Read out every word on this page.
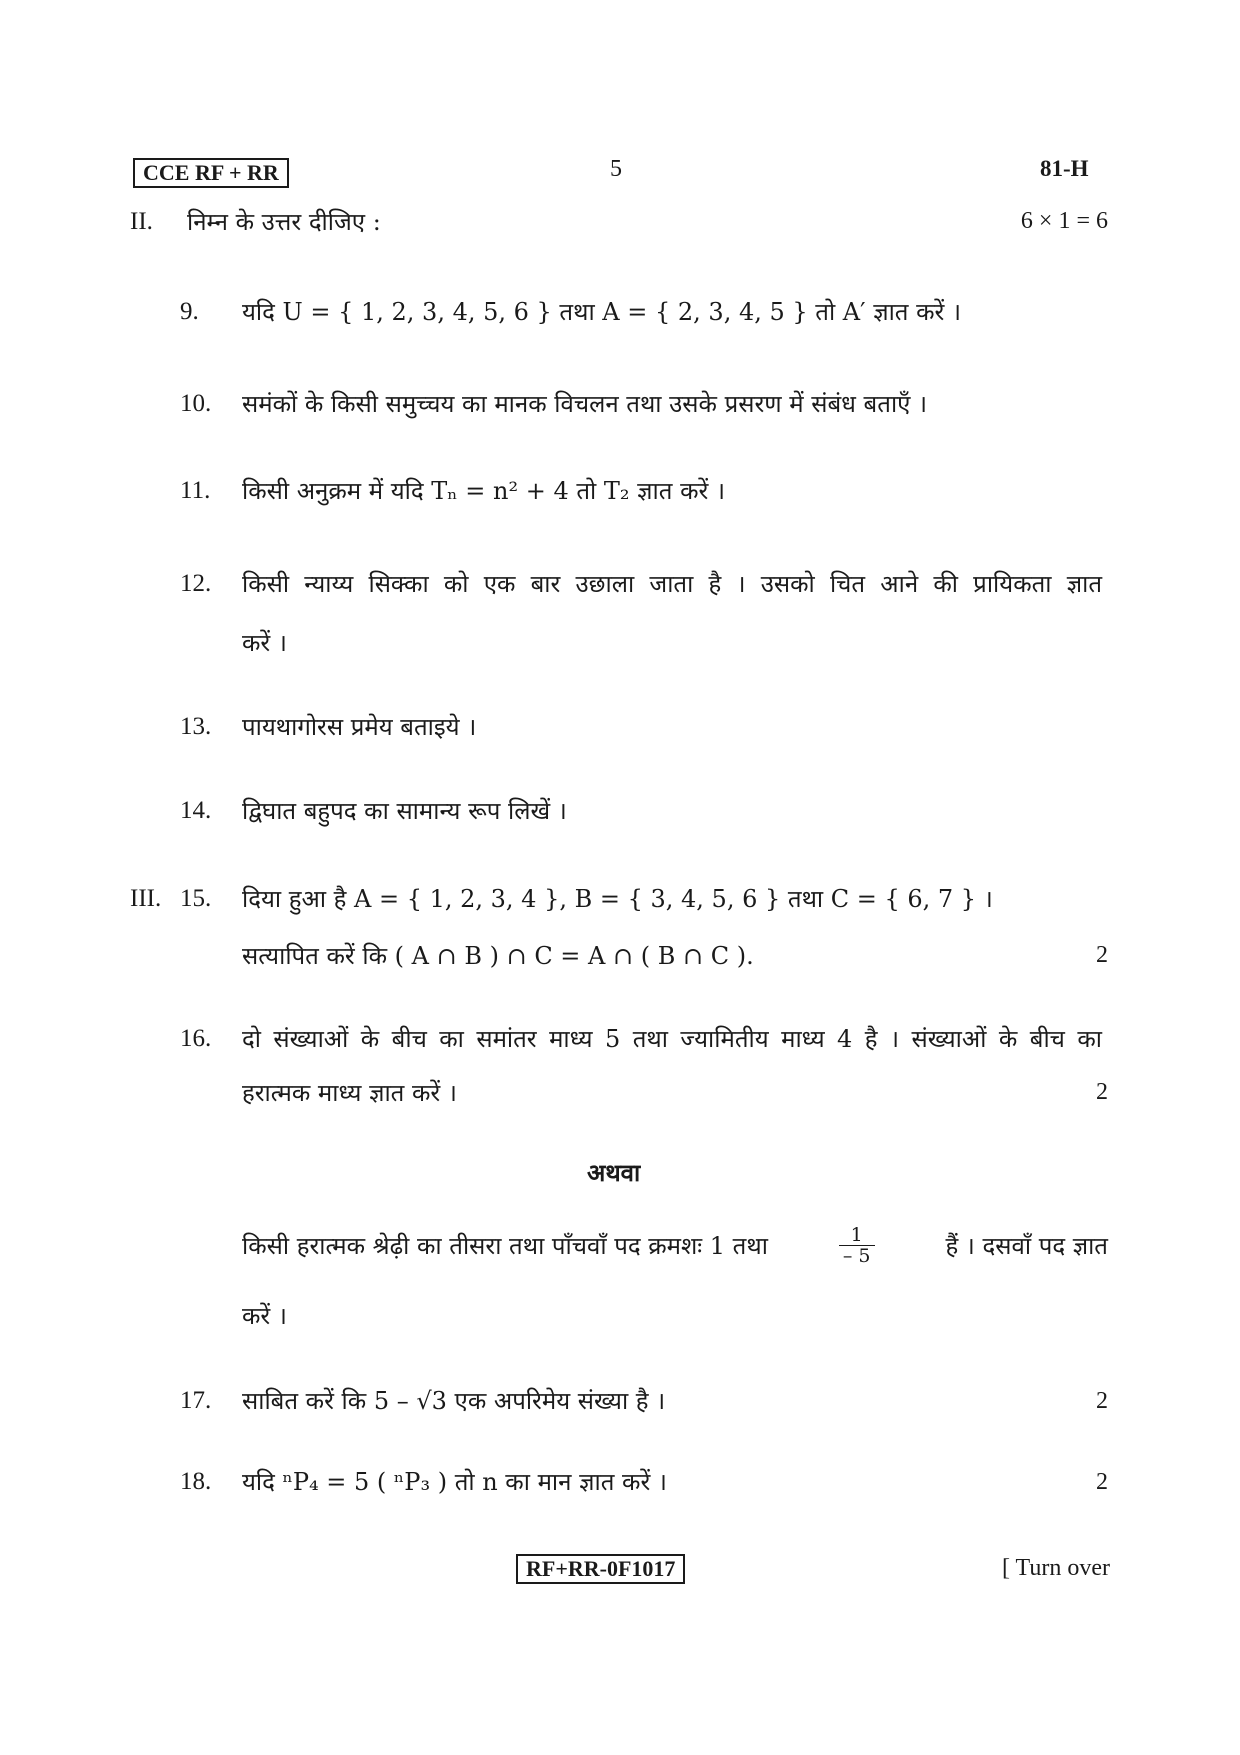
CCE RF + RR	5	81-H
II. निम्न के उत्तर दीजिए :	6 × 1 = 6
9. यदि U = { 1, 2, 3, 4, 5, 6 } तथा A = { 2, 3, 4, 5 } तो A′ ज्ञात करें ।
10. समंकों के किसी समुच्चय का मानक विचलन तथा उसके प्रसरण में संबंध बताएँ ।
11. किसी अनुक्रम में यदि Tₙ = n² + 4 तो T₂ ज्ञात करें ।
12. किसी न्याय्य सिक्का को एक बार उछाला जाता है । उसको चित आने की प्रायिकता ज्ञात
करें ।
13. पायथागोरस प्रमेय बताइये ।
14. द्विघात बहुपद का सामान्य रूप लिखें ।
III. 15. दिया हुआ है A = { 1, 2, 3, 4 }, B = { 3, 4, 5, 6 } तथा C = { 6, 7 } ।
सत्यापित करें कि ( A ∩ B ) ∩ C = A ∩ ( B ∩ C ).	2
16. दो संख्याओं के बीच का समांतर माध्य 5 तथा ज्यामितीय माध्य 4 है । संख्याओं के बीच का
हरात्मक माध्य ज्ञात करें ।	2
अथवा
किसी हरात्मक श्रेढ़ी का तीसरा तथा पाँचवाँ पद क्रमशः 1 तथा	$\frac{1}{- 5}$	हैं । दसवाँ पद ज्ञात
करें ।
17. साबित करें कि 5 – √3 एक अपरिमेय संख्या है ।	2
18. यदि ⁿP₄ = 5 ( ⁿP₃ ) तो n का मान ज्ञात करें ।	2
RF+RR-0F1017	[ Turn over
